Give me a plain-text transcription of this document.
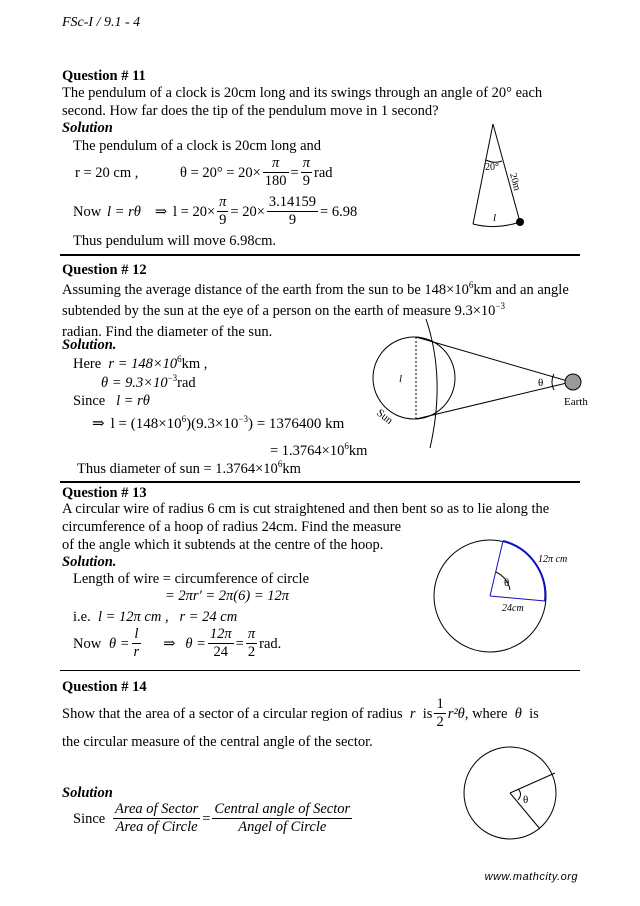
FSc-I / 9.1 - 4
Question # 11
The pendulum of a clock is 20cm long and its swings through an angle of 20° each second. How far does the tip of the pendulum move in 1 second?
Solution
The pendulum of a clock is 20cm long and
r = 20 cm ,	$\theta = 20^\circ = 20\times \frac{\pi}{180} = \frac{\pi}{9}$ rad
Now l = rθ ⇒ $l = 20\times \frac{\pi}{9} = 20\times \frac{3.14159}{9} = 6.98$
Thus pendulum will move 6.98cm.
20°
20m
l
Question # 12
Assuming the average distance of the earth from the sun to be $148\times 10^6km$ and an angle subtended by the sun at the eye of a person on the earth of measure $9.3\times 10^{-3}$
radian. Find the diameter of the sun.
Solution.
Here $r = 148\times 10^6km$ ,
$\theta = 9.3\times 10^{-3}rad$
Since l = rθ
⇒ $l = (148\times 10^6)(9.3\times 10^{-3}) = 1376400$ km
= $1.3764\times 10^6km$
Thus diameter of sun = $1.3764\times 10^6km$
l	θ
Sun
Earth
Question # 13
A circular wire of radius 6 cm is cut straightened and then bent so as to lie along the
circumference of a hoop of radius 24cm. Find the measure
of the angle which it subtends at the centre of the hoop.
Solution.
Length of wire = circumference of circle
= 2πr′ = 2π(6) = 12π
i.e. l = 12π cm , r = 24 cm
Now $\theta = \frac{l}{r}$ ⇒ $\theta = \frac{12\pi}{24} = \frac{\pi}{2}$ rad.
θ
12π cm
24cm
Question # 14
Show that the area of a sector of a circular region of radius r is $\frac{1}{2} r^2\theta$, where θ is
the circular measure of the central angle of the sector.
Solution
Since $\frac{\text{Area of Sector}}{\text{Area of Circle}} = \frac{\text{Central angle of Sector}}{\text{Angel of Circle}}$
θ
www.mathcity.org
